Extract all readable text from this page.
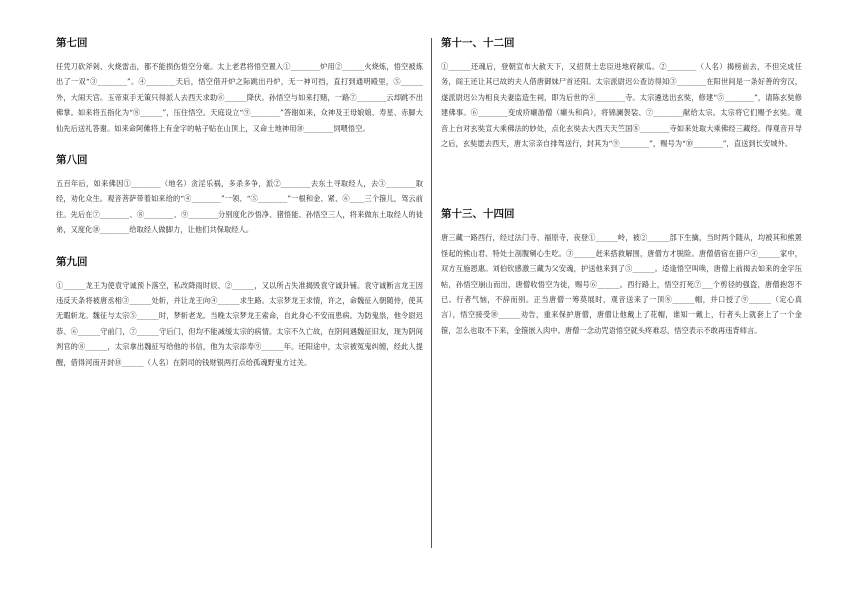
第七回

任凭刀砍斧剁、火烧雷击，都不能损伤悟空分毫。太上老君将悟空置入①________炉用②______火烧炼，悟空被炼出了一双“③________”。④________天后，悟空借开炉之际跳出丹炉，无一神可挡，直打到通明殿里，⑤______外，大闹天宫。玉帝束手无策只得派人去西天求助⑥______降伏。孙悟空与如来打赌，一路⑦________云却跳不出佛掌。如来将五指化为“⑧______”，压住悟空。天庭设立“⑨________”答谢如来，众神及王母娘娘、寿星、赤脚大仙先后送礼答谢。如来命阿傩将上有金字的帖子贴在山顶上，又命土地神用⑩________饲喂悟空。

第八回

五百年后，如来佛因①________（地名）贪淫乐祸，多杀多争，派②________去东土寻取经人，去③________取经，劝化众生。观音菩萨带着如来给的“④________”一领、“⑤________”一根和金、紧、⑥____三个箍儿，驾云前往。先后在⑦________、⑧________、⑨________分别度化沙悟净、猪悟能、孙悟空三人，将来做东土取经人的徒弟，又度化⑩________给取经人做脚力，让他们共保取经人。

第九回

①______龙王为使袁守诚预卜落空，私改降雨时辰、②______，又以所占失准揭毁袁守诚卦铺。袁守诚断言龙王因违反天条将被唐丞相③______处斩，并让龙王向④______求生路。太宗梦龙王求情，许之，命魏征入朝随侍，使其无暇斩龙。魏征与太宗⑤______时，梦斩老龙。当晚太宗梦龙王索命，自此身心不安而患病。为防鬼祟，他令尉迟恭、⑥______守前门，⑦______守后门，但均不能减缓太宗的病情。太宗不久亡故，在阴间遇魏征旧友，现为阴间判官的⑧______，太宗拿出魏征写给他的书信，他为太宗添寿⑨______年。还阳途中，太宗被冤鬼纠缠，经此人提醒，借得河南开封⑩______（人名）在阴司的钱财银两打点给孤魂野鬼方过关。

第十一、十二回

①______还魂后，登朝宣布大赦天下，又招贤士忠臣进地府献瓜。②________（人名）揭榜前去，不但完成任务，阎王还让其已故的夫人借唐御妹尸首还阳。太宗派尉迟公查访得知③________在阳世间是一条好善的穷汉，遂派尉迟公为相良夫妻监造生祠，即为后世的④________寺。太宗遴选出玄奘，修建“⑤________”，请陈玄奘修建佛事。⑥________变成疥癞游僧（癞头和尚），将锦澜袈裟、⑦________献给太宗。太宗将它们赐予玄奘。观音上台对玄奘宣大乘佛法的妙处，点化玄奘去大西天天竺国⑧________寺如来处取大乘佛经三藏经。得观音开导之后，玄奘愿去西天，唐太宗亲自排驾送行，封其为“⑨________”，赐号为“⑩________”，直送到长安城外。

第十三、十四回

唐三藏一路西行，经过法门寺、福原寺，夜登①______岭，被②______部下生擒，当时两个随从，均被其和熊罴怪起的熊山君、特处士剖腹剜心生吃。③______赶来搭救解围，唐僧方才脱险。唐僧借宿在猎户④______家中，双方互施恩惠。刘伯钦感激三藏为父安魂，护送他来到了⑤______。适逢悟空叫唤，唐僧上前揭去如来的金字压帖，孙悟空崩山而出，唐僧收悟空为徒，赐号⑥______。西行路上，悟空打死⑦___个剪径的强盗，唐僧抱怨不已。行者气恼，不辞而别。正当唐僧一筹莫展时，观音送来了一顶⑧______帽，并口授了⑨______（定心真言），悟空接受⑩______劝告，重来保护唐僧，唐僧让他戴上了花帽，谁知一戴上，行者头上就套上了一个金箍，怎么也取不下来，金箍嵌入肉中。唐僧一念动咒语悟空就头疼难忍，悟空表示不敢再违背师言。
